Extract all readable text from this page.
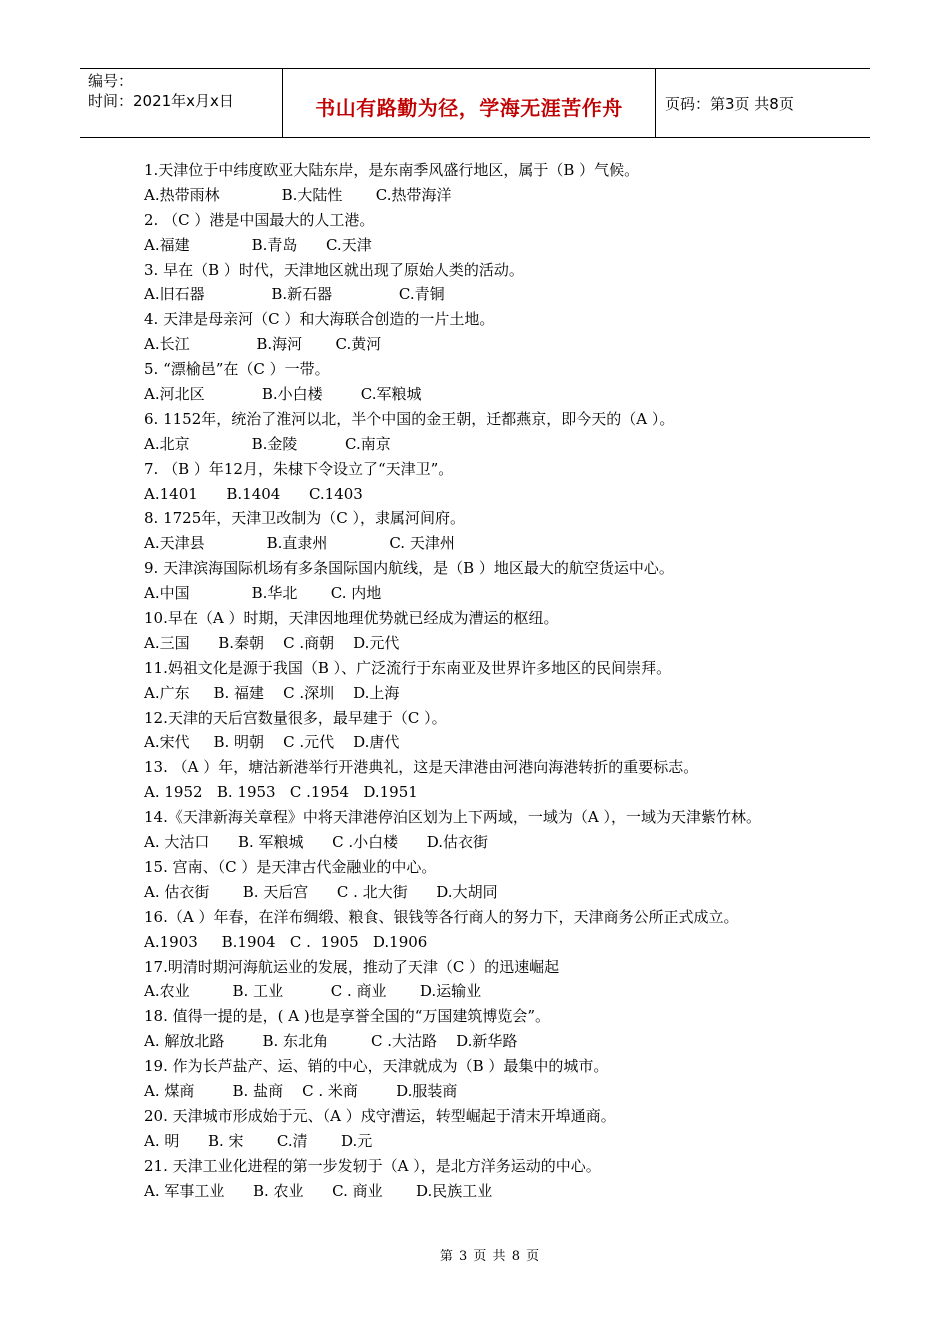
编号：
时间：2021年x月x日	书山有路勤为径，学海无涯苦作舟	页码：第3页 共8页
1.天津位于中纬度欧亚大陆东岸，是东南季风盛行地区，属于（B ）气候。
A.热带雨林             B.大陆性       C.热带海洋
2. （C ）港是中国最大的人工港。
A.福建             B.青岛      C.天津
3. 早在（B ）时代，天津地区就出现了原始人类的活动。
A.旧石器              B.新石器              C.青铜
4. 天津是母亲河（C ）和大海联合创造的一片土地。
A.长江              B.海河       C.黄河
5. “漂榆邑”在（C ）一带。
A.河北区            B.小白楼        C.军粮城
6. 1152年，统治了淮河以北，半个中国的金王朝，迁都燕京，即今天的（A ）。
A.北京             B.金陵          C.南京
7. （B ）年12月，朱棣下令设立了“天津卫”。
A.1401      B.1404      C.1403
8. 1725年，天津卫改制为（C ），隶属河间府。
A.天津县             B.直隶州             C. 天津州
9. 天津滨海国际机场有多条国际国内航线，是（B ）地区最大的航空货运中心。
A.中国             B.华北       C. 内地
10.早在（A ）时期，天津因地理优势就已经成为漕运的枢纽。
A.三国      B.秦朝    C .商朝    D.元代
11.妈祖文化是源于我国（B ）、广泛流行于东南亚及世界许多地区的民间崇拜。
A.广东     B. 福建    C .深圳    D.上海
12.天津的天后宫数量很多，最早建于（C ）。
A.宋代     B. 明朝    C .元代    D.唐代
13. （A ）年，塘沽新港举行开港典礼，这是天津港由河港向海港转折的重要标志。
A. 1952   B. 1953   C .1954   D.1951
14.《天津新海关章程》中将天津港停泊区划为上下两域，一域为（A ），一域为天津紫竹林。
A. 大沽口      B. 军粮城      C .小白楼      D.估衣街
15. 宫南、（C ）是天津古代金融业的中心。
A. 估衣街       B. 天后宫      C . 北大街      D.大胡同
16.（A ）年春，在洋布绸缎、粮食、银钱等各行商人的努力下，天津商务公所正式成立。
A.1903     B.1904   C .  1905   D.1906
17.明清时期河海航运业的发展，推动了天津（C ）的迅速崛起
A.农业         B. 工业          C . 商业       D.运输业
18. 值得一提的是，( A )也是享誉全国的“万国建筑博览会”。
A. 解放北路        B. 东北角         C .大沽路    D.新华路
19. 作为长芦盐产、运、销的中心，天津就成为（B ）最集中的城市。
A. 煤商        B. 盐商    C . 米商        D.服装商
20. 天津城市形成始于元、（A ）戍守漕运，转型崛起于清末开埠通商。
A. 明      B. 宋       C.清       D.元
21. 天津工业化进程的第一步发轫于（A ），是北方洋务运动的中心。
A. 军事工业      B. 农业      C. 商业       D.民族工业
第 3 页 共 8 页
